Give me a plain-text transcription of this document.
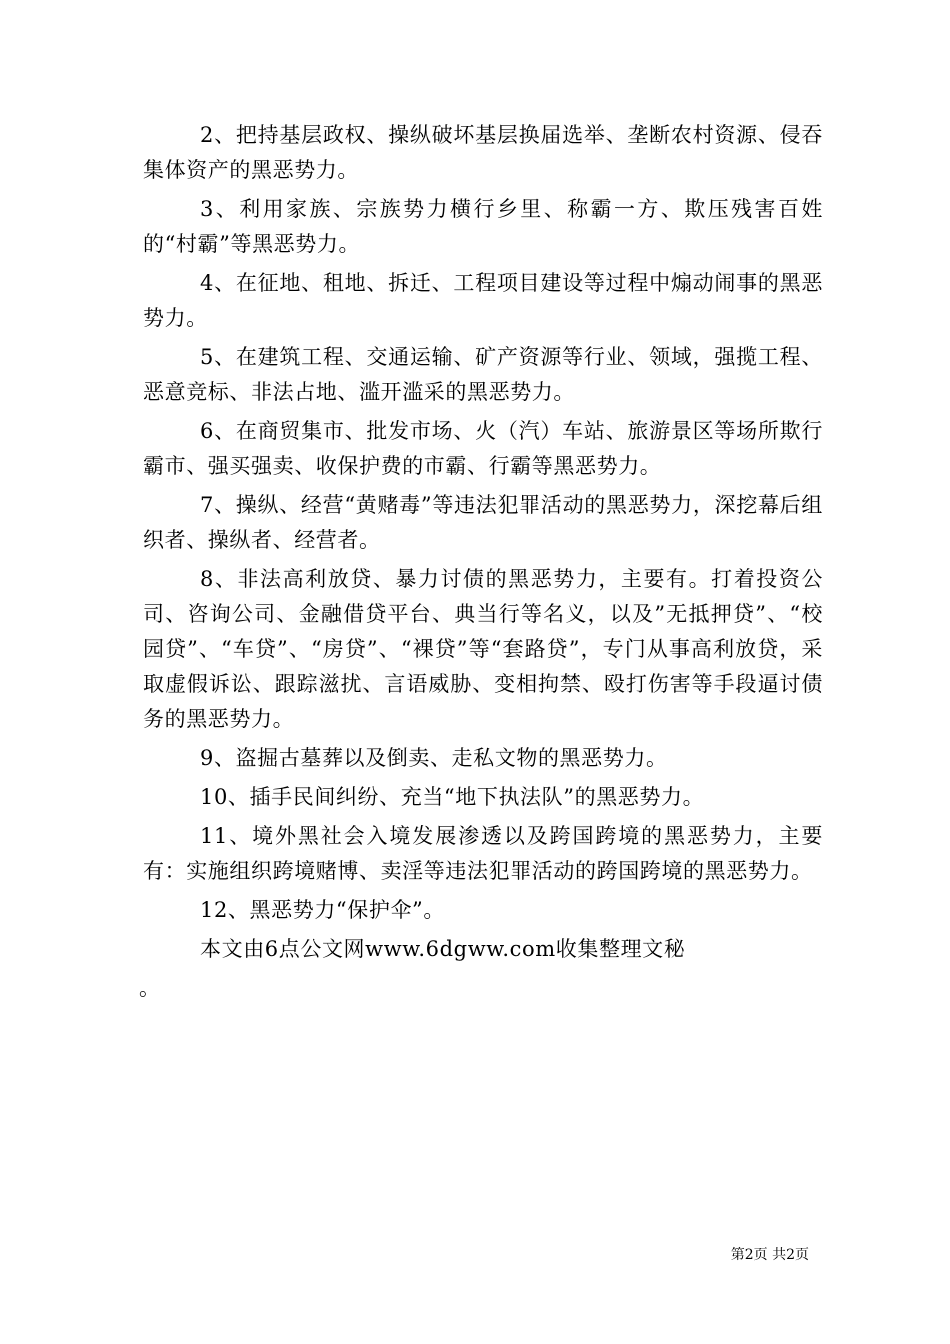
2、把持基层政权、操纵破坏基层换届选举、垄断农村资源、侵吞集体资产的黑恶势力。

3、利用家族、宗族势力横行乡里、称霸一方、欺压残害百姓的“村霸”等黑恶势力。

4、在征地、租地、拆迁、工程项目建设等过程中煽动闹事的黑恶势力。

5、在建筑工程、交通运输、矿产资源等行业、领域，强揽工程、恶意竞标、非法占地、滥开滥采的黑恶势力。

6、在商贸集市、批发市场、火（汽）车站、旅游景区等场所欺行霸市、强买强卖、收保护费的市霸、行霸等黑恶势力。

7、操纵、经营“黄赌毒”等违法犯罪活动的黑恶势力，深挖幕后组织者、操纵者、经营者。

8、非法高利放贷、暴力讨债的黑恶势力，主要有。打着投资公司、咨询公司、金融借贷平台、典当行等名义，以及”无抵押贷”、“校园贷”、“车贷”、“房贷”、“裸贷”等“套路贷”，专门从事高利放贷，采取虚假诉讼、跟踪滋扰、言语威胁、变相拘禁、殴打伤害等手段逼讨债务的黑恶势力。

9、盗掘古墓葬以及倒卖、走私文物的黑恶势力。

10、插手民间纠纷、充当“地下执法队”的黑恶势力。

11、境外黑社会入境发展渗透以及跨国跨境的黑恶势力，主要有：实施组织跨境赌博、卖淫等违法犯罪活动的跨国跨境的黑恶势力。

12、黑恶势力“保护伞”。

本文由6点公文网www.6dgww.com收集整理文秘

。

第2页 共2页
